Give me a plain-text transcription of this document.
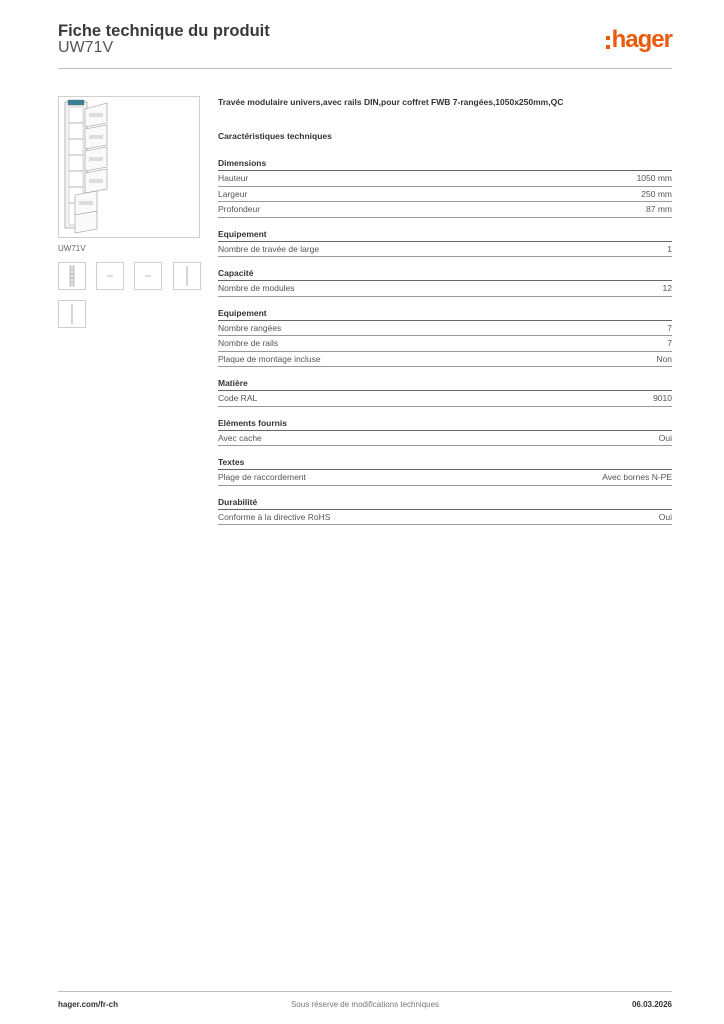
Fiche technique du produit
UW71V	hager
UW71V
Travée modulaire univers,avec rails DIN,pour coffret FWB 7-rangées,1050x250mm,QC
Caractéristiques techniques
Dimensions
Hauteur	1050 mm
Largeur	250 mm
Profondeur	87 mm
Equipement
Nombre de travée de large	1
Capacité
Nombre de modules	12
Equipement
Nombre rangées	7
Nombre de rails	7
Plaque de montage incluse	Non
Matière
Code RAL	9010
Eléments fournis
Avec cache	Oui
Textes
Plage de raccordement	Avec bornes N-PE
Durabilité
Conforme à la directive RoHS	Oui
hager.com/fr-ch	Sous réserve de modifications techniques	06.03.2026
